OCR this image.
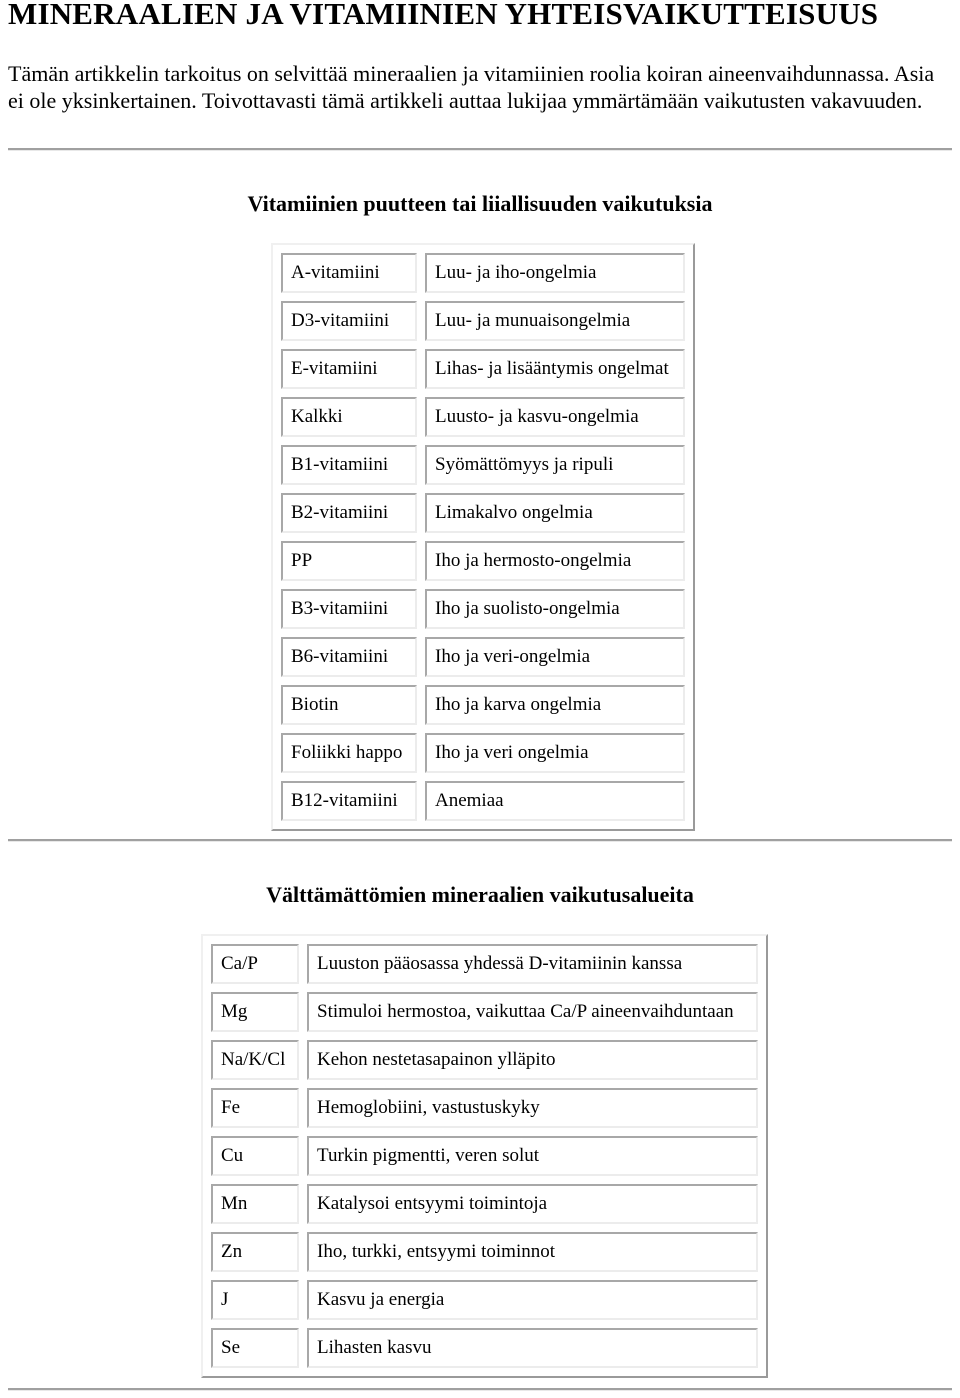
MINERAALIEN JA VITAMIINIEN YHTEISVAIKUTTEISUUS

Tämän artikkelin tarkoitus on selvittää mineraalien ja vitamiinien roolia koiran aineenvaihdunnassa. Asia ei ole yksinkertainen. Toivottavasti tämä artikkeli auttaa lukijaa ymmärtämään vaikutusten vakavuuden.

Vitamiinien puutteen tai liiallisuuden vaikutuksia
A-vitamiini	Luu- ja iho-ongelmia
D3-vitamiini	Luu- ja munuaisongelmia
E-vitamiini	Lihas- ja lisääntymis ongelmat
Kalkki	Luusto- ja kasvu-ongelmia
B1-vitamiini	Syömättömyys ja ripuli
B2-vitamiini	Limakalvo ongelmia
PP	Iho ja hermosto-ongelmia
B3-vitamiini	Iho ja suolisto-ongelmia
B6-vitamiini	Iho ja veri-ongelmia
Biotin	Iho ja karva ongelmia
Foliikki happo	Iho ja veri ongelmia
B12-vitamiini	Anemiaa
Välttämättömien mineraalien vaikutusalueita
Ca/P	Luuston pääosassa yhdessä D-vitamiinin kanssa
Mg	Stimuloi hermostoa, vaikuttaa Ca/P aineenvaihduntaan
Na/K/Cl	Kehon nestetasapainon ylläpito
Fe	Hemoglobiini, vastustuskyky
Cu	Turkin pigmentti, veren solut
Mn	Katalysoi entsyymi toimintoja
Zn	Iho, turkki, entsyymi toiminnot
J	Kasvu ja energia
Se	Lihasten kasvu
